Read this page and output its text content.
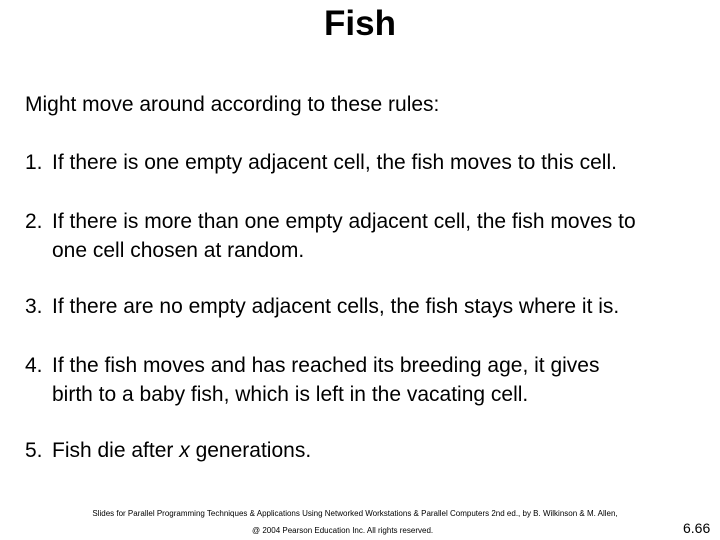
Fish
Might move around according to these rules:
1. If there is one empty adjacent cell, the fish moves to this cell.
2. If there is more than one empty adjacent cell, the fish moves to
one cell chosen at random.
3. If there are no empty adjacent cells, the fish stays where it is.
4. If the fish moves and has reached its breeding age, it gives
birth to a baby fish, which is left in the vacating cell.
5. Fish die after x generations.
Slides for Parallel Programming Techniques & Applications Using Networked Workstations & Parallel Computers 2nd ed., by B. Wilkinson & M. Allen,
@ 2004 Pearson Education Inc. All rights reserved.	6.66
